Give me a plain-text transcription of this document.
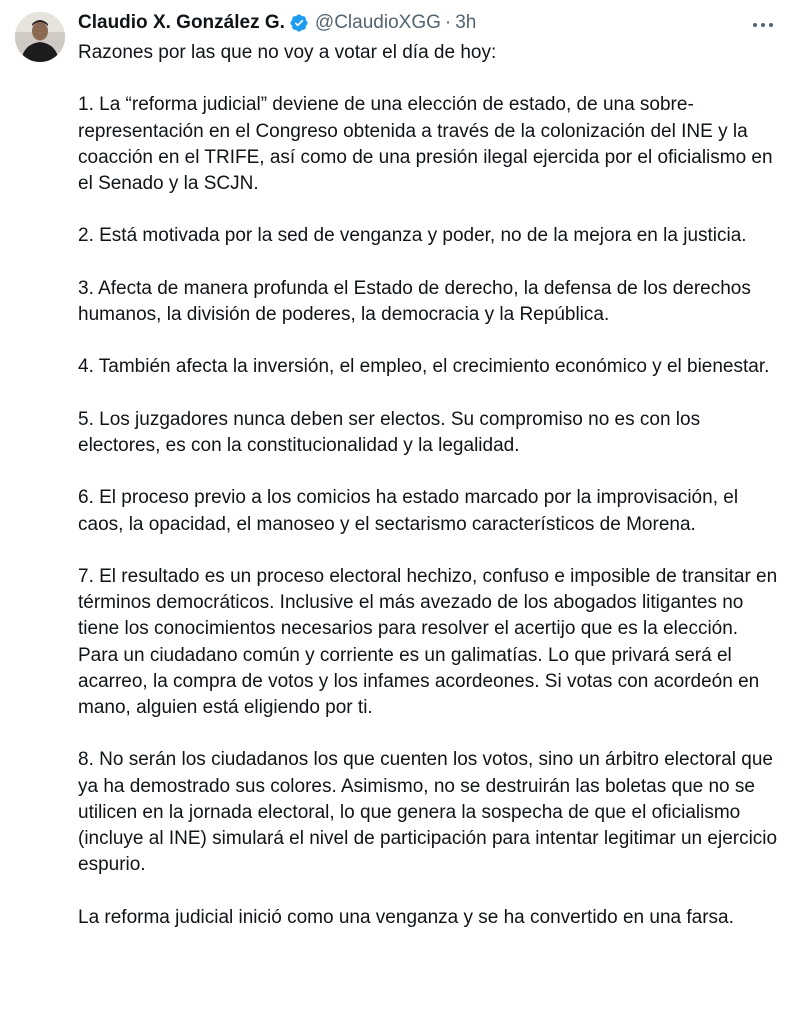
Claudio X. González G. @ClaudioXGG · 3h

Razones por las que no voy a votar el día de hoy:

1. La “reforma judicial” deviene de una elección de estado, de una sobre-representación en el Congreso obtenida a través de la colonización del INE y la coacción en el TRIFE, así como de una presión ilegal ejercida por el oficialismo en el Senado y la SCJN.

2. Está motivada por la sed de venganza y poder, no de la mejora en la justicia.

3. Afecta de manera profunda el Estado de derecho, la defensa de los derechos humanos, la división de poderes, la democracia y la República.

4. También afecta la inversión, el empleo, el crecimiento económico y el bienestar.

5. Los juzgadores nunca deben ser electos. Su compromiso no es con los electores, es con la constitucionalidad y la legalidad.

6. El proceso previo a los comicios ha estado marcado por la improvisación, el caos, la opacidad, el manoseo y el sectarismo característicos de Morena.

7. El resultado es un proceso electoral hechizo, confuso e imposible de transitar en términos democráticos. Inclusive el más avezado de los abogados litigantes no tiene los conocimientos necesarios para resolver el acertijo que es la elección. Para un ciudadano común y corriente es un galimatías. Lo que privará será el acarreo, la compra de votos y los infames acordeones. Si votas con acordeón en mano, alguien está eligiendo por ti.

8. No serán los ciudadanos los que cuenten los votos, sino un árbitro electoral que ya ha demostrado sus colores. Asimismo, no se destruirán las boletas que no se utilicen en la jornada electoral, lo que genera la sospecha de que el oficialismo (incluye al INE) simulará el nivel de participación para intentar legitimar un ejercicio espurio.

La reforma judicial inició como una venganza y se ha convertido en una farsa.
